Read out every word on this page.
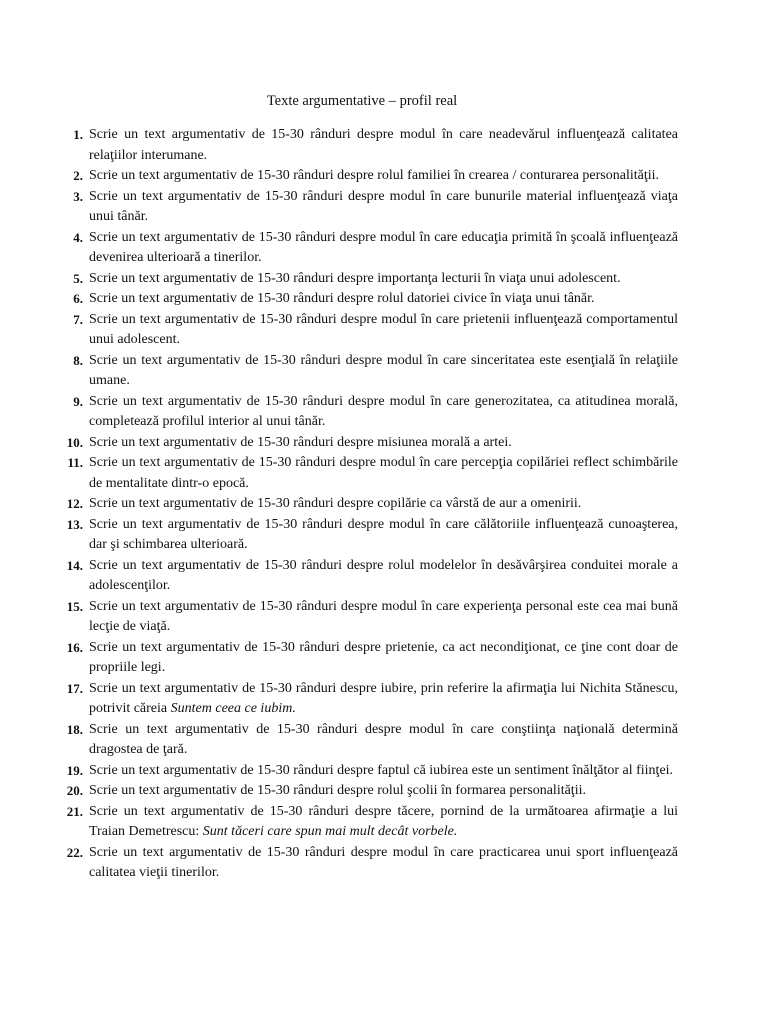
Texte argumentative – profil real
1. Scrie un text argumentativ de 15-30 rânduri despre modul în care neadevărul influenţează calitatea relaţiilor interumane.
2. Scrie un text argumentativ de 15-30 rânduri despre rolul familiei în crearea / conturarea personalităţii.
3. Scrie un text argumentativ de 15-30 rânduri despre modul în care bunurile material influenţează viaţa unui tânăr.
4. Scrie un text argumentativ de 15-30 rânduri despre modul în care educaţia primită în şcoală influenţează devenirea ulterioară a tinerilor.
5. Scrie un text argumentativ de 15-30 rânduri despre importanţa lecturii în viaţa unui adolescent.
6. Scrie un text argumentativ de 15-30 rânduri despre rolul datoriei civice în viaţa unui tânăr.
7. Scrie un text argumentativ de 15-30 rânduri despre modul în care prietenii influenţează comportamentul unui adolescent.
8. Scrie un text argumentativ de 15-30 rânduri despre modul în care sinceritatea este esenţială în relaţiile umane.
9. Scrie un text argumentativ de 15-30 rânduri despre modul în care generozitatea, ca atitudinea morală, completează profilul interior al unui tânăr.
10. Scrie un text argumentativ de 15-30 rânduri despre misiunea morală a artei.
11. Scrie un text argumentativ de 15-30 rânduri despre modul în care percepţia copilăriei reflect schimbările de mentalitate dintr-o epocă.
12. Scrie un text argumentativ de 15-30 rânduri despre copilărie ca vârstă de aur a omenirii.
13. Scrie un text argumentativ de 15-30 rânduri despre modul în care călătoriile influenţează cunoaşterea, dar şi schimbarea ulterioară.
14. Scrie un text argumentativ de 15-30 rânduri despre rolul modelelor în desăvârşirea conduitei morale a adolescenţilor.
15. Scrie un text argumentativ de 15-30 rânduri despre modul în care experienţa personal este cea mai bună lecţie de viaţă.
16. Scrie un text argumentativ de 15-30 rânduri despre prietenie, ca act necondiţionat, ce ţine cont doar de propriile legi.
17. Scrie un text argumentativ de 15-30 rânduri despre iubire, prin referire la afirmaţia lui Nichita Stănescu, potrivit căreia Suntem ceea ce iubim.
18. Scrie un text argumentativ de 15-30 rânduri despre modul în care conştiinţa naţională determină dragostea de ţară.
19. Scrie un text argumentativ de 15-30 rânduri despre faptul că iubirea este un sentiment înălţător al fiinţei.
20. Scrie un text argumentativ de 15-30 rânduri despre rolul şcolii în formarea personalităţii.
21. Scrie un text argumentativ de 15-30 rânduri despre tăcere, pornind de la următoarea afirmaţie a lui Traian Demetrescu: Sunt tăceri care spun mai mult decât vorbele.
22. Scrie un text argumentativ de 15-30 rânduri despre modul în care practicarea unui sport influenţează calitatea vieţii tinerilor.
